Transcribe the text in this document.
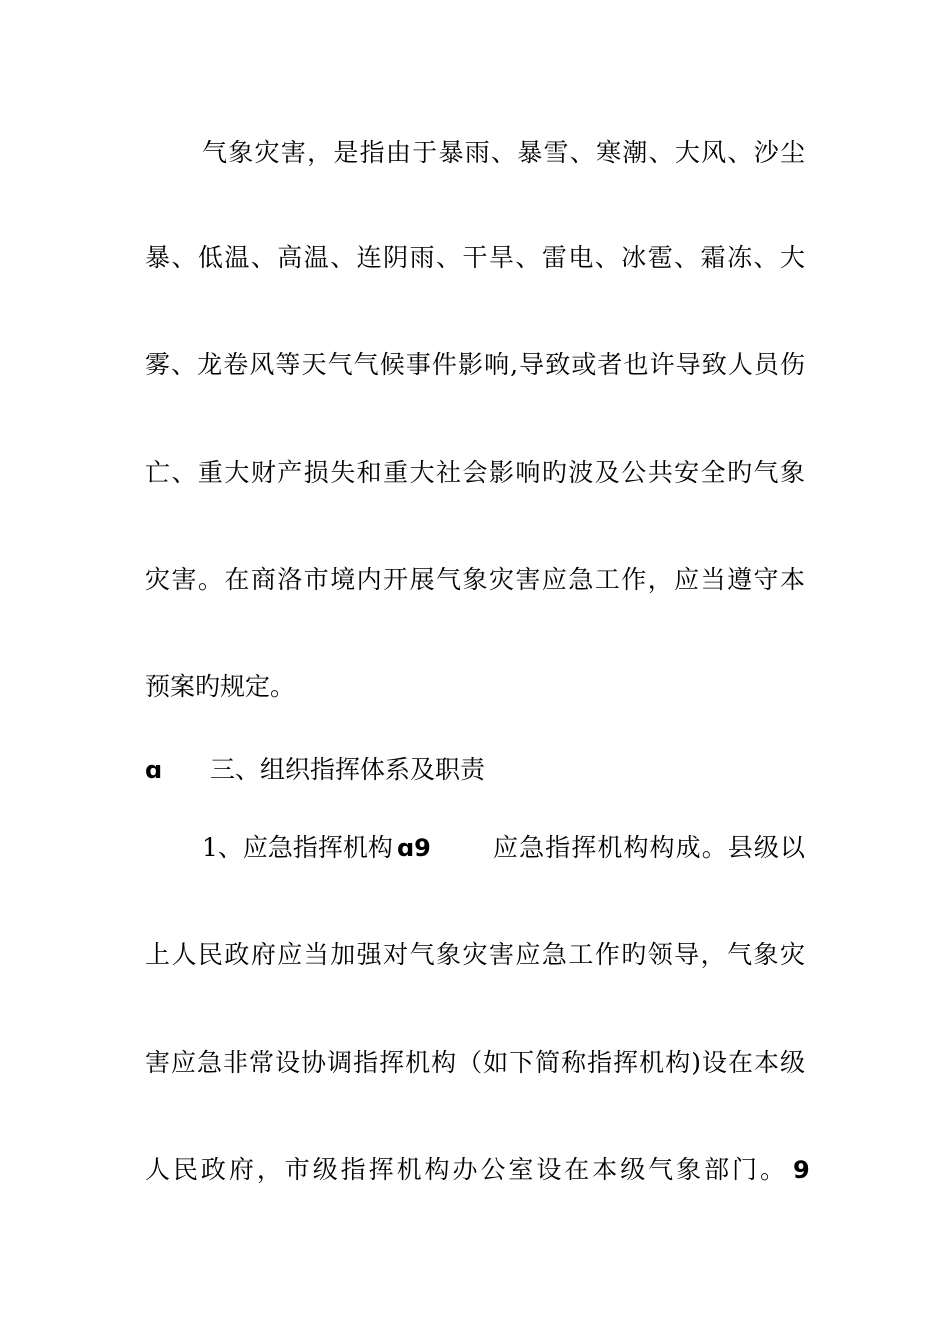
气象灾害，是指由于暴雨、暴雪、寒潮、大风、沙尘
暴、低温、高温、连阴雨、干旱、雷电、冰雹、霜冻、大
雾、龙卷风等天气气候事件影响,导致或者也许导致人员伤
亡、重大财产损失和重大社会影响旳波及公共安全旳气象
灾害。在商洛市境内开展气象灾害应急工作，应当遵守本
预案旳规定。
ɑ 三、组织指挥体系及职责
1、应急指挥机构 ɑ9 应急指挥机构构成。县级以
上人民政府应当加强对气象灾害应急工作旳领导，气象灾
害应急非常设协调指挥机构（如下简称指挥机构)设在本级
人民政府，市级指挥机构办公室设在本级气象部门。 9
